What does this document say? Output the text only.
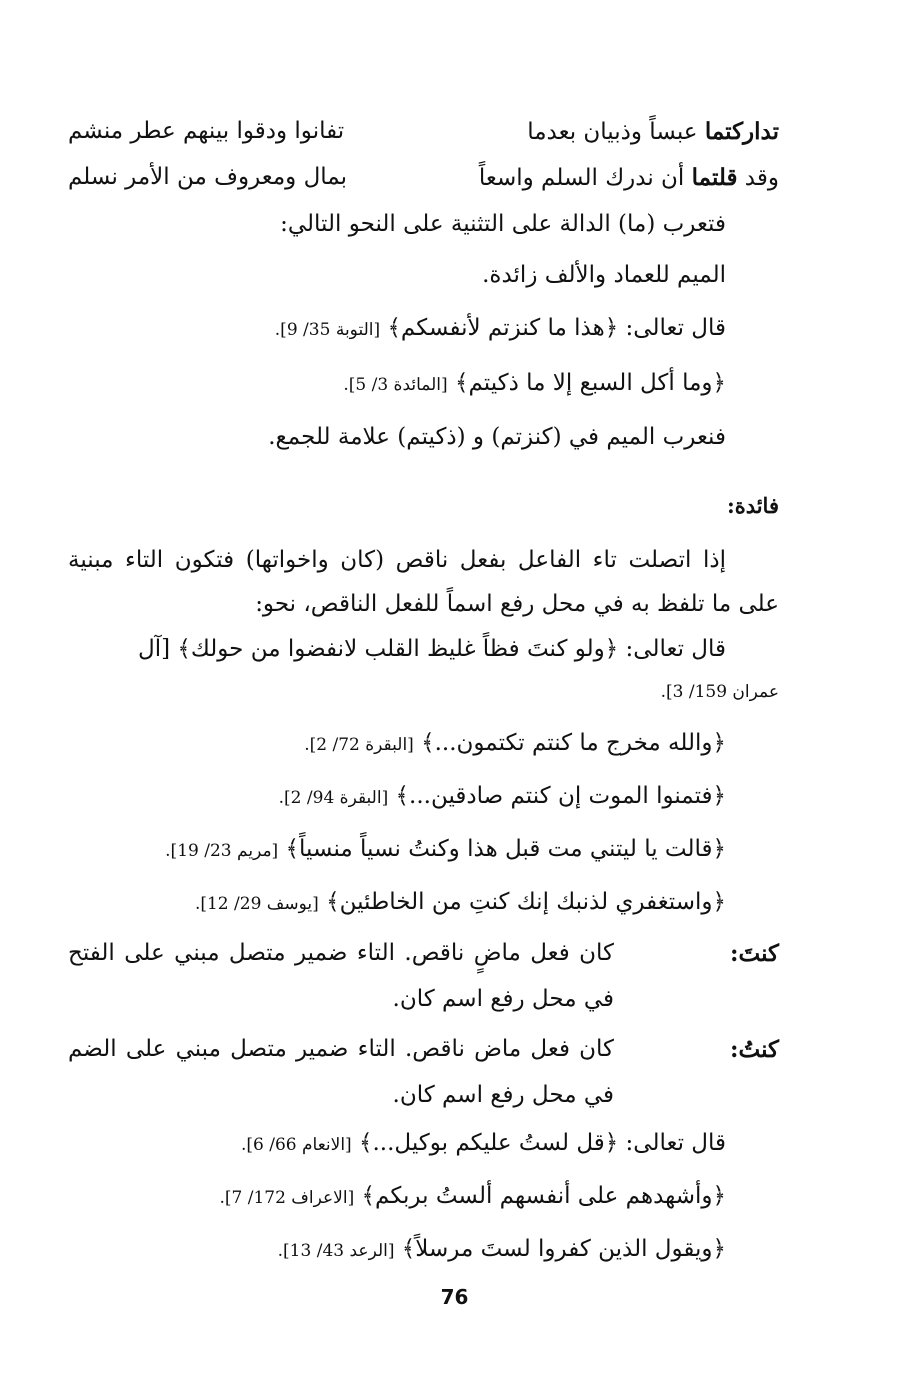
تداركتما عبساً وذبيان بعدما
تفانوا ودقوا بينهم عطر منشم
وقد قلتما أن ندرك السلم واسعاً
بمال ومعروف من الأمر نسلم
فتعرب (ما) الدالة على التثنية على النحو التالي:
الميم للعماد والألف زائدة.
قال تعالى: ﴿هذا ما كنزتم لأنفسكم﴾ [التوبة 35/ 9].
﴿وما أكل السبع إلا ما ذكيتم﴾ [المائدة 3/ 5].
فنعرب الميم في (كنزتم) و (ذكيتم) علامة للجمع.
فائدة:
إذا اتصلت تاء الفاعل بفعل ناقص (كان واخواتها) فتكون التاء مبنية على ما تلفظ به في محل رفع اسماً للفعل الناقص، نحو:
قال تعالى: ﴿ولو كنتَ فظاً غليظ القلب لانفضوا من حولك﴾ [آل
عمران 159/ 3].
﴿والله مخرج ما كنتم تكتمون...﴾ [البقرة 72/ 2].
﴿فتمنوا الموت إن كنتم صادقين...﴾ [البقرة 94/ 2].
﴿قالت يا ليتني مت قبل هذا وكنتُ نسياً منسياً﴾ [مريم 23/ 19].
﴿واستغفري لذنبك إنك كنتِ من الخاطئين﴾ [يوسف 29/ 12].
كنتَ:
كان فعل ماضٍ ناقص. التاء ضمير متصل مبني على الفتح في محل رفع اسم كان.
كنتُ:
كان فعل ماض ناقص. التاء ضمير متصل مبني على الضم في محل رفع اسم كان.
قال تعالى: ﴿قل لستُ عليكم بوكيل...﴾ [الانعام 66/ 6].
﴿وأشهدهم على أنفسهم ألستُ بربكم﴾ [الاعراف 172/ 7].
﴿ويقول الذين كفروا لستَ مرسلاً﴾ [الرعد 43/ 13].
76
